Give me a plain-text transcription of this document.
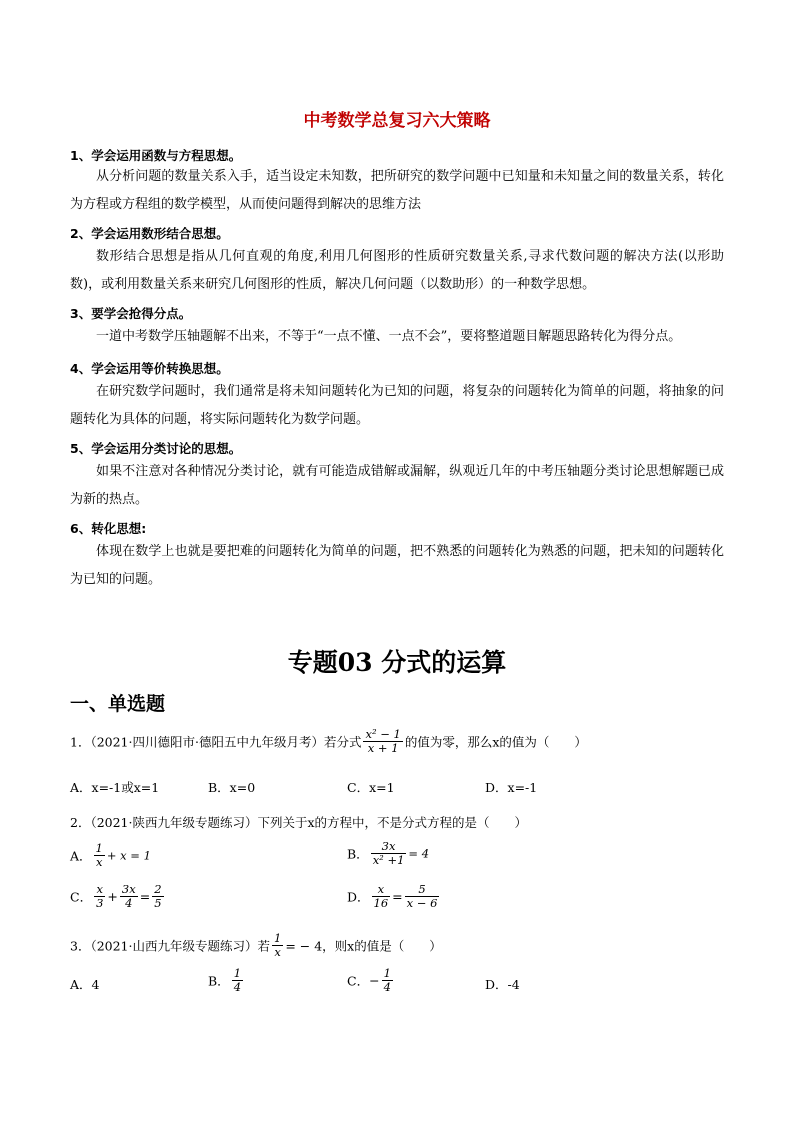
中考数学总复习六大策略
1、学会运用函数与方程思想。
从分析问题的数量关系入手，适当设定未知数，把所研究的数学问题中已知量和未知量之间的数量关系，转化为方程或方程组的数学模型，从而使问题得到解决的思维方法
2、学会运用数形结合思想。
数形结合思想是指从几何直观的角度,利用几何图形的性质研究数量关系,寻求代数问题的解决方法(以形助数)，或利用数量关系来研究几何图形的性质，解决几何问题（以数助形）的一种数学思想。
3、要学会抢得分点。
一道中考数学压轴题解不出来，不等于“一点不懂、一点不会”，要将整道题目解题思路转化为得分点。
4、学会运用等价转换思想。
在研究数学问题时，我们通常是将未知问题转化为已知的问题，将复杂的问题转化为简单的问题，将抽象的问题转化为具体的问题，将实际问题转化为数学问题。
5、学会运用分类讨论的思想。
如果不注意对各种情况分类讨论，就有可能造成错解或漏解，纵观近几年的中考压轴题分类讨论思想解题已成为新的热点。
6、转化思想:
体现在数学上也就是要把难的问题转化为简单的问题，把不熟悉的问题转化为熟悉的问题，把未知的问题转化为已知的问题。
专题03 分式的运算
一、单选题
1．（2021·四川德阳市·德阳五中九年级月考）若分式 $\frac{\text{x² − 1}}{x + 1}$ 的值为零，那么x的值为（　　）
A．x=-1或x=1	B．x=0	C．x=1	D．x=-1
2．（2021·陕西九年级专题练习）下列关于x的方程中，不是分式方程的是（　　）
A． $\frac{1}{x} + x = 1$	B． $\frac{3x}{\text{x² +1}} = 4$
C． $\frac{x}{3} + \frac{3x}{4} = \frac{2}{5}$	D． $\frac{x}{16} = \frac{5}{x - 6}$
3．（2021·山西九年级专题练习）若 $\frac{1}{x}$ = − 4，则x的值是（　　）
A．4	B． $\frac{1}{4}$	C．− $\frac{1}{4}$	D．-4
